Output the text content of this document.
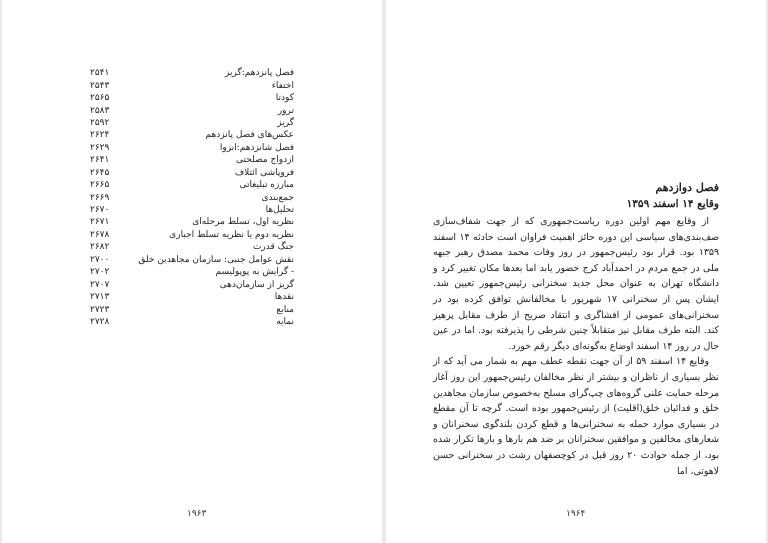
فصل پانزدهم:گریز
۲۵۴۱
اختفاء
۲۵۴۳
کودتا
۲۵۶۵
ترور
۲۵۸۳
گریز
۲۵۹۲
عکس‌های فصل پانزدهم
۲۶۲۴
فصل شانزدهم:انزوا
۲۶۲۹
ازدواج مصلحتی
۲۶۴۱
فروپاشی ائتلاف
۲۶۴۵
مبارزه تبلیغاتی
۲۶۶۵
جمع‌بندی
۲۶۶۹
تحلیل‌ها
۲۶۷۰
نظریه اول، تسلط مرحله‌ای
۲۶۷۱
نظریه دوم یا نظریه تسلط اجباری
۲۶۷۸
جنگ قدرت
۲۶۸۲
نقش عوامل جنبی: سازمان مجاهدین خلق
۲۷۰۰
- گرایش به پوپولیسم
۲۷۰۲
گریز از سازمان‌دهی
۲۷۰۷
نقدها
۲۷۱۳
منابع
۲۷۲۳
نمایه
۲۷۲۸
۱۹۶۳

فصل دوازدهم

وقایع ۱۴ اسفند ۱۳۵۹

از وقایع مهم اولین دوره ریاست‌جمهوری که از جهت شفاف‌سازی صف‌بندی‌های سیاسی این دوره حائز اهمیت فراوان است حادثه ۱۴ اسفند ۱۳۵۹ بود. قرار بود رئیس‌جمهور در روز وفات محمد مصدق رهبر جبهه ملی در جمع مردم در احمدآباد کرج حضور یابد اما بعدها مکان تغییر کرد و دانشگاه تهران به عنوان محل جدید سخنرانی رئیس‌جمهور تعیین شد. ایشان پس از سخنرانی ۱۷ شهریور با مخالفانش توافق کرده بود در سخنرانی‌های عمومی از افشاگری و انتقاد صریح از طرف مقابل پرهیز کند. البته طرف مقابل نیز متقابلاً چنین شرطی را پذیرفته بود. اما در عین حال در روز ۱۴ اسفند اوضاع به‌گونه‌ای دیگر رقم خورد.

وقایع ۱۴ اسفند ۵۹ از آن جهت نقطه عطف مهم به شمار می آید که از نظر بسیاری از ناظران و بیشتر از نظر مخالفان رئیس‌جمهور این روز آغاز مرحله حمایت علنی گروه‌های چپ‌گرای مسلح به‌خصوص سازمان مجاهدین خلق و فدائیان خلق(اقلیت) از رئیس‌جمهور بوده است. گرچه تا آن مقطع در بسیاری موارد حمله به سخنرانی‌ها و قطع کردن بلندگوی سخنرانان و شعارهای مخالفین و موافقین سخنرانان بر ضد هم بارها و بارها تکرار شده بود، از جمله حوادث ۲۰ روز قبل در کوچصفهان رشت در سخنرانی حسن لاهوتی، اما

۱۹۶۴
